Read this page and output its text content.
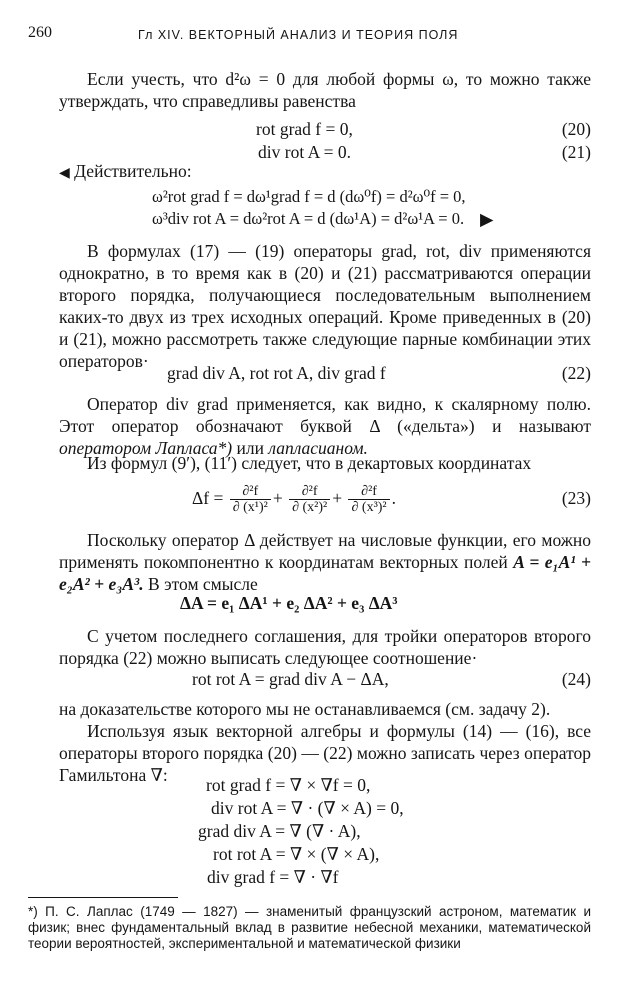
260	Гл XIV. ВЕКТОРНЫЙ АНАЛИЗ И ТЕОРИЯ ПОЛЯ
Если учесть, что d²ω = 0 для любой формы ω, то можно также утверждать, что справедливы равенства
rot grad f = 0,	(20)
div rot A = 0.	(21)
◀ Действительно:
ω²rot grad f = dω¹grad f = d (dω⁰f) = d²ω⁰f = 0,
ω³div rot A = dω²rot A = d (dω¹A) = d²ω¹A = 0. ▶
В формулах (17) — (19) операторы grad, rot, div применяются однократно, в то время как в (20) и (21) рассматриваются операции второго порядка, получающиеся последовательным выполнением каких-то двух из трех исходных операций. Кроме приведенных в (20) и (21), можно рассмотреть также следующие парные комбинации этих операторов·
grad div A, rot rot A, div grad f	(22)
Оператор div grad применяется, как видно, к скалярному полю. Этот оператор обозначают буквой Δ («дельта») и называют оператором Лапласа*) или лапласианом.
Из формул (9′), (11′) следует, что в декартовых координатах
$\Delta f = \frac{\text{∂²f}}{\text{∂ (x¹)²}} + \frac{\text{∂²f}}{\text{∂ (x²)²}} + \frac{\text{∂²f}}{\text{∂ (x³)²}}$ .	(23)
Поскольку оператор Δ действует на числовые функции, его можно применять покомпонентно к координатам векторных полей A = e₁A¹ + e₂A² + e₃A³. В этом смысле
ΔA = e₁ ΔA¹ + e₂ ΔA² + e₃ ΔA³
С учетом последнего соглашения, для тройки операторов второго порядка (22) можно выписать следующее соотношение·
rot rot A = grad div A − ΔA,	(24)
на доказательстве которого мы не останавливаемся (см. задачу 2).
Используя язык векторной алгебры и формулы (14) — (16), все операторы второго порядка (20) — (22) можно записать через оператор Гамильтона ∇:	rot grad f = ∇ × ∇f = 0,
div rot A = ∇ · (∇ × A) = 0,
grad div A = ∇ (∇ · A),
rot rot A = ∇ × (∇ × A),
div grad f = ∇ · ∇f
*) П. С. Лаплас (1749 — 1827) — знаменитый французский астроном, математик и физик; внес фундаментальный вклад в развитие небесной механики, математической теории вероятностей, экспериментальной и математической физики
